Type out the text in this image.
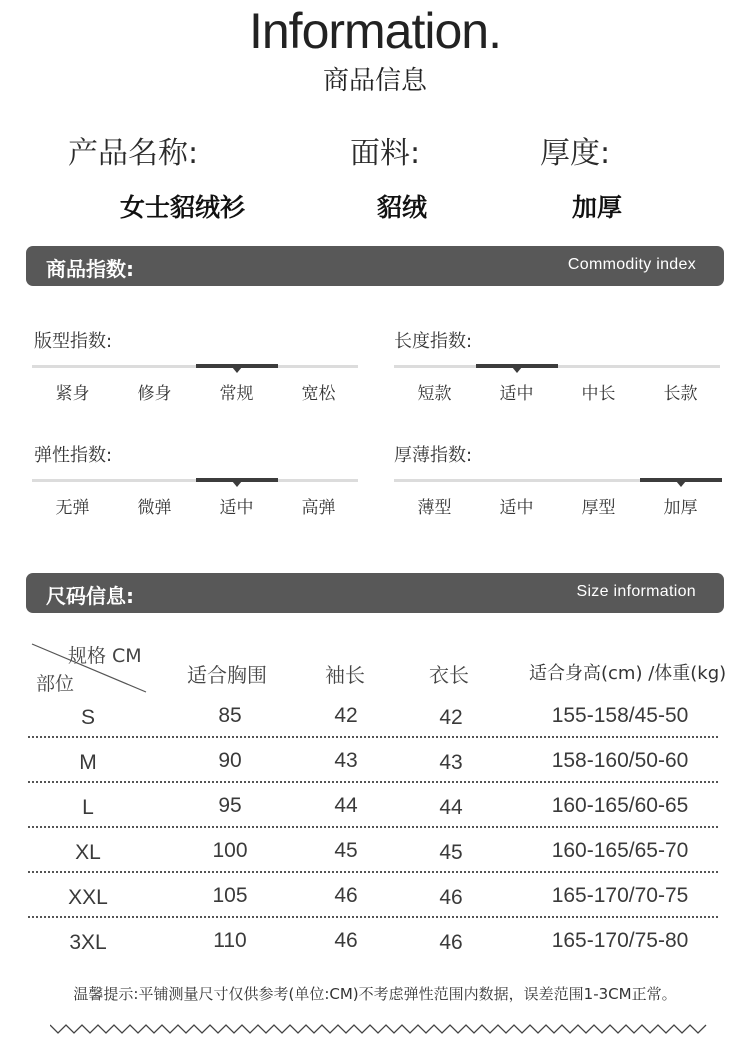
Information.
商品信息
产品名称:	面料:	厚度:
女士貂绒衫	貂绒	加厚
商品指数:	Commodity index
版型指数:
紧身	修身	常规	宽松
长度指数:
短款	适中	中长	长款
弹性指数:
无弹	微弹	适中	高弹
厚薄指数:
薄型	适中	厚型	加厚
尺码信息:	Size information
规格 CM
部位	适合胸围	袖长	衣长	适合身高(cm) /体重(kg)
S	85	42	42	155-158/45-50
M	90	43	43	158-160/50-60
L	95	44	44	160-165/60-65
XL	100	45	45	160-165/65-70
XXL	105	46	46	165-170/70-75
3XL	110	46	46	165-170/75-80
温馨提示:平铺测量尺寸仅供参考(单位:CM)不考虑弹性范围内数据，误差范围1-3CM正常。
